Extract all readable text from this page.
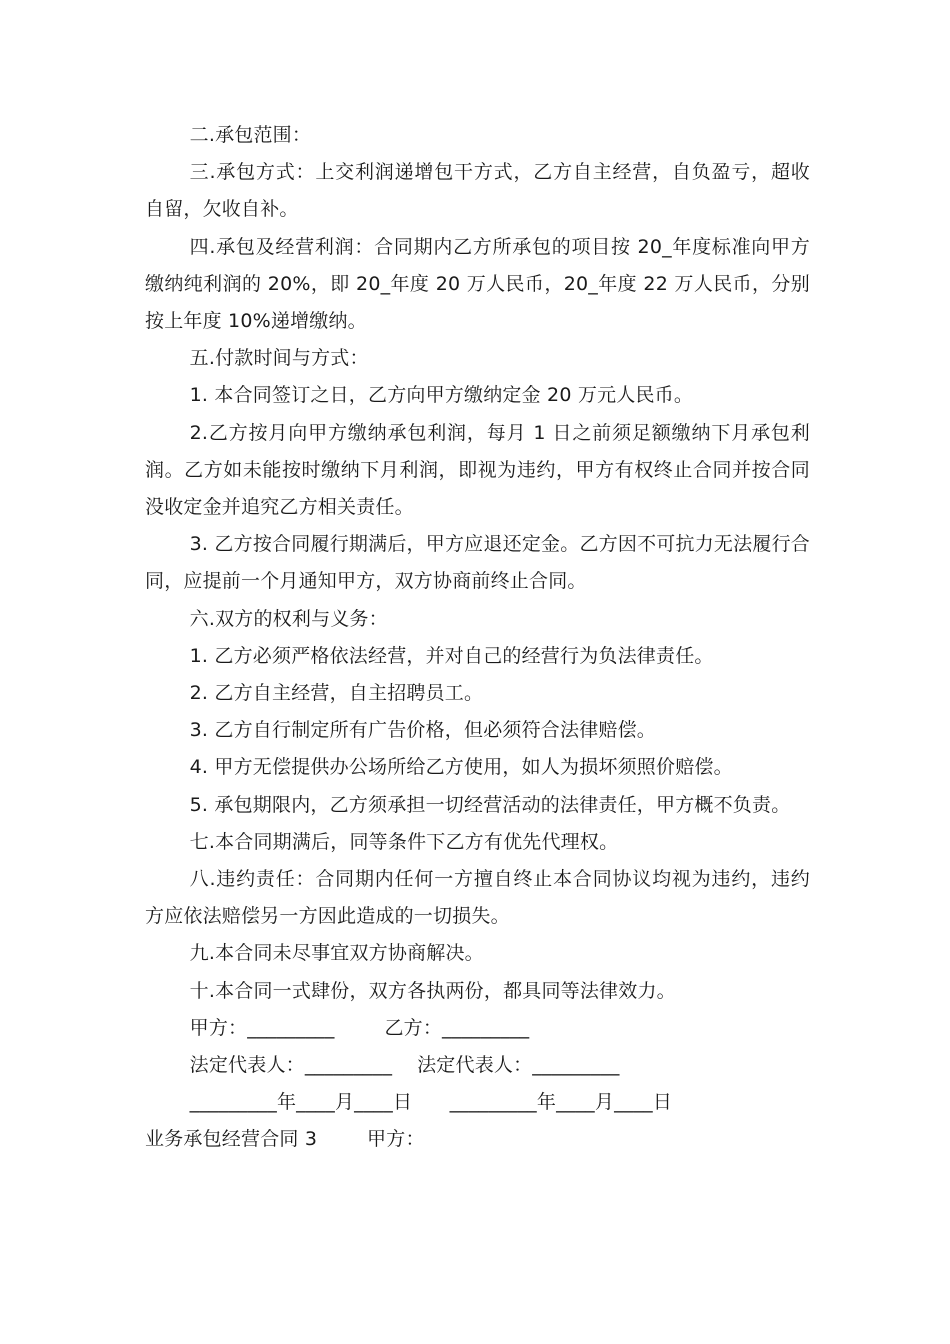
二.承包范围：

三.承包方式：上交利润递增包干方式，乙方自主经营，自负盈亏，超收自留，欠收自补。

四.承包及经营利润：合同期内乙方所承包的项目按 20_年度标准向甲方缴纳纯利润的 20%，即 20_年度 20 万人民币，20_年度 22 万人民币，分别按上年度 10%递增缴纳。

五.付款时间与方式：

1. 本合同签订之日，乙方向甲方缴纳定金 20 万元人民币。

2.乙方按月向甲方缴纳承包利润，每月 1 日之前须足额缴纳下月承包利润。乙方如未能按时缴纳下月利润，即视为违约，甲方有权终止合同并按合同没收定金并追究乙方相关责任。

3. 乙方按合同履行期满后，甲方应退还定金。乙方因不可抗力无法履行合同，应提前一个月通知甲方，双方协商前终止合同。

六.双方的权利与义务：

1. 乙方必须严格依法经营，并对自己的经营行为负法律责任。

2. 乙方自主经营，自主招聘员工。

3. 乙方自行制定所有广告价格，但必须符合法律赔偿。

4. 甲方无偿提供办公场所给乙方使用，如人为损坏须照价赔偿。

5. 承包期限内，乙方须承担一切经营活动的法律责任，甲方概不负责。

七.本合同期满后，同等条件下乙方有优先代理权。

八.违约责任：合同期内任何一方擅自终止本合同协议均视为违约，违约方应依法赔偿另一方因此造成的一切损失。

九.本合同未尽事宜双方协商解决。

十.本合同一式肆份，双方各执两份，都具同等法律效力。

甲方：_________        乙方：_________

法定代表人：_________    法定代表人：_________

_________年____月____日      _________年____月____日

业务承包经营合同 3        甲方：
